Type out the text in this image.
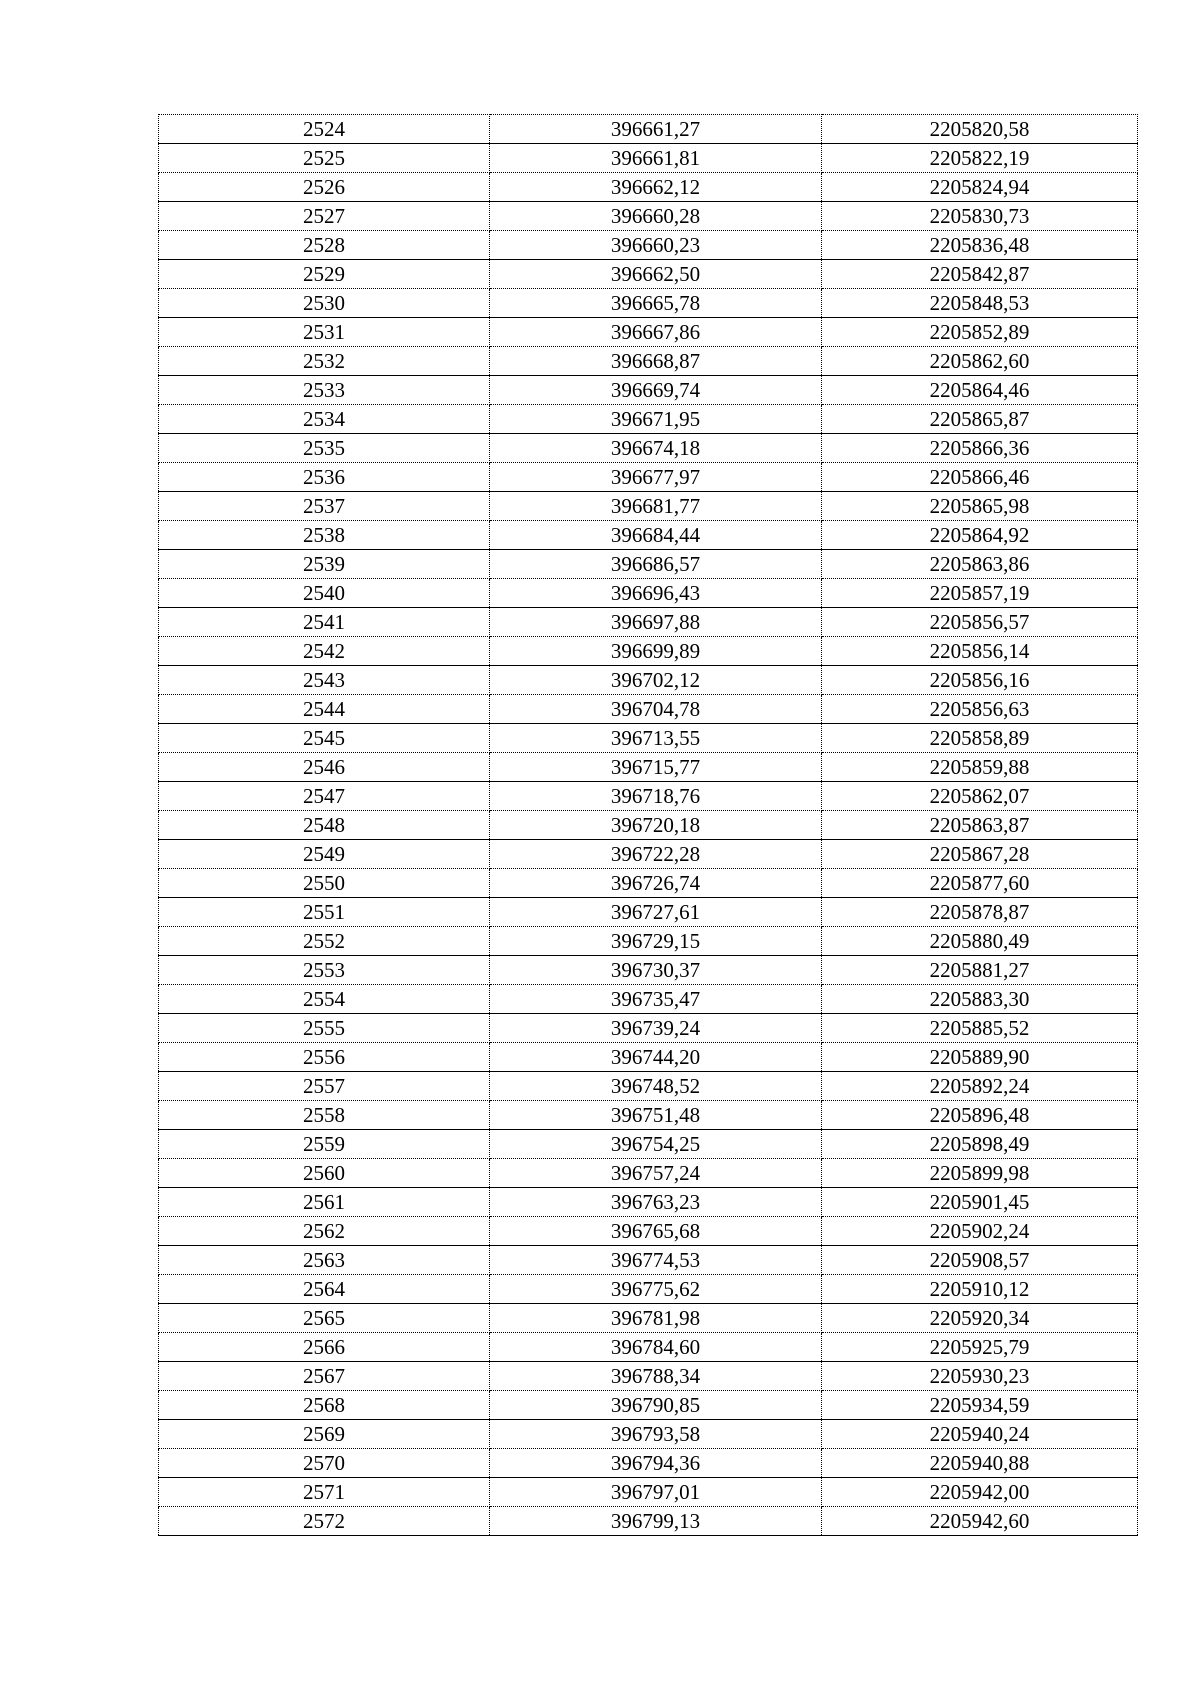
2524	396661,27	2205820,58
2525	396661,81	2205822,19
2526	396662,12	2205824,94
2527	396660,28	2205830,73
2528	396660,23	2205836,48
2529	396662,50	2205842,87
2530	396665,78	2205848,53
2531	396667,86	2205852,89
2532	396668,87	2205862,60
2533	396669,74	2205864,46
2534	396671,95	2205865,87
2535	396674,18	2205866,36
2536	396677,97	2205866,46
2537	396681,77	2205865,98
2538	396684,44	2205864,92
2539	396686,57	2205863,86
2540	396696,43	2205857,19
2541	396697,88	2205856,57
2542	396699,89	2205856,14
2543	396702,12	2205856,16
2544	396704,78	2205856,63
2545	396713,55	2205858,89
2546	396715,77	2205859,88
2547	396718,76	2205862,07
2548	396720,18	2205863,87
2549	396722,28	2205867,28
2550	396726,74	2205877,60
2551	396727,61	2205878,87
2552	396729,15	2205880,49
2553	396730,37	2205881,27
2554	396735,47	2205883,30
2555	396739,24	2205885,52
2556	396744,20	2205889,90
2557	396748,52	2205892,24
2558	396751,48	2205896,48
2559	396754,25	2205898,49
2560	396757,24	2205899,98
2561	396763,23	2205901,45
2562	396765,68	2205902,24
2563	396774,53	2205908,57
2564	396775,62	2205910,12
2565	396781,98	2205920,34
2566	396784,60	2205925,79
2567	396788,34	2205930,23
2568	396790,85	2205934,59
2569	396793,58	2205940,24
2570	396794,36	2205940,88
2571	396797,01	2205942,00
2572	396799,13	2205942,60
